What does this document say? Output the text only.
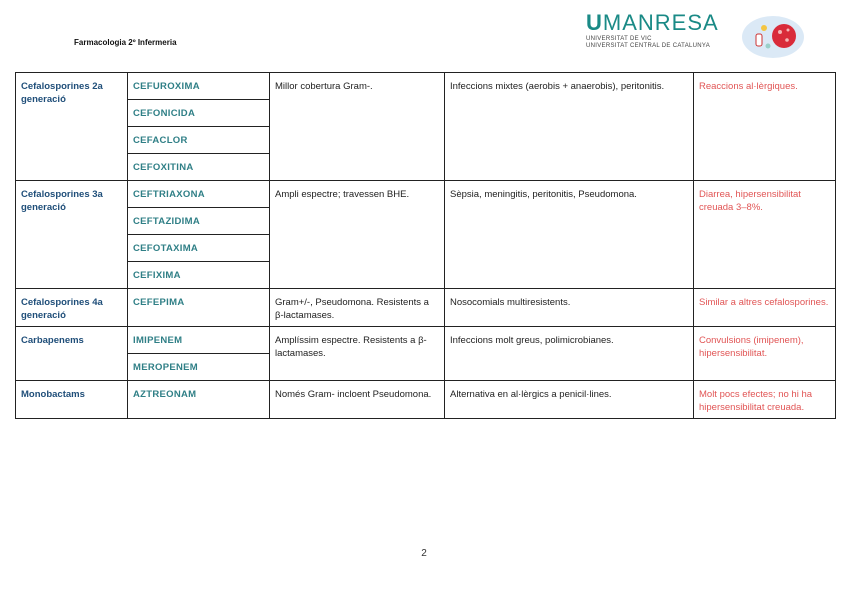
Farmacologia 2º Infermeria
UMANRESA
UNIVERSITAT DE VIC
UNIVERSITAT CENTRAL DE CATALUNYA
Cefalosporines 2a generació	CEFUROXIMA	Millor cobertura Gram-.	Infeccions mixtes (aerobis + anaerobis), peritonitis.	Reaccions al·lèrgiques.
	CEFONICIDA			
	CEFACLOR			
	CEFOXITINA			
Cefalosporines 3a generació	CEFTRIAXONA	Ampli espectre; travessen BHE.	Sèpsia, meningitis, peritonitis, Pseudomona.	Diarrea, hipersensibilitat creuada 3–8%.
	CEFTAZIDIMA			
	CEFOTAXIMA			
	CEFIXIMA			
Cefalosporines 4a generació	CEFEPIMA	Gram+/-, Pseudomona. Resistents a β-lactamases.	Nosocomials multiresistents.	Similar a altres cefalosporines.
Carbapenems	IMIPENEM	Amplíssim espectre. Resistents a β-lactamases.	Infeccions molt greus, polimicrobianes.	Convulsions (imipenem), hipersensibilitat.
	MEROPENEM			
Monobactams	AZTREONAM	Només Gram- incloent Pseudomona.	Alternativa en al·lèrgics a penicil·lines.	Molt pocs efectes; no hi ha hipersensibilitat creuada.
2
